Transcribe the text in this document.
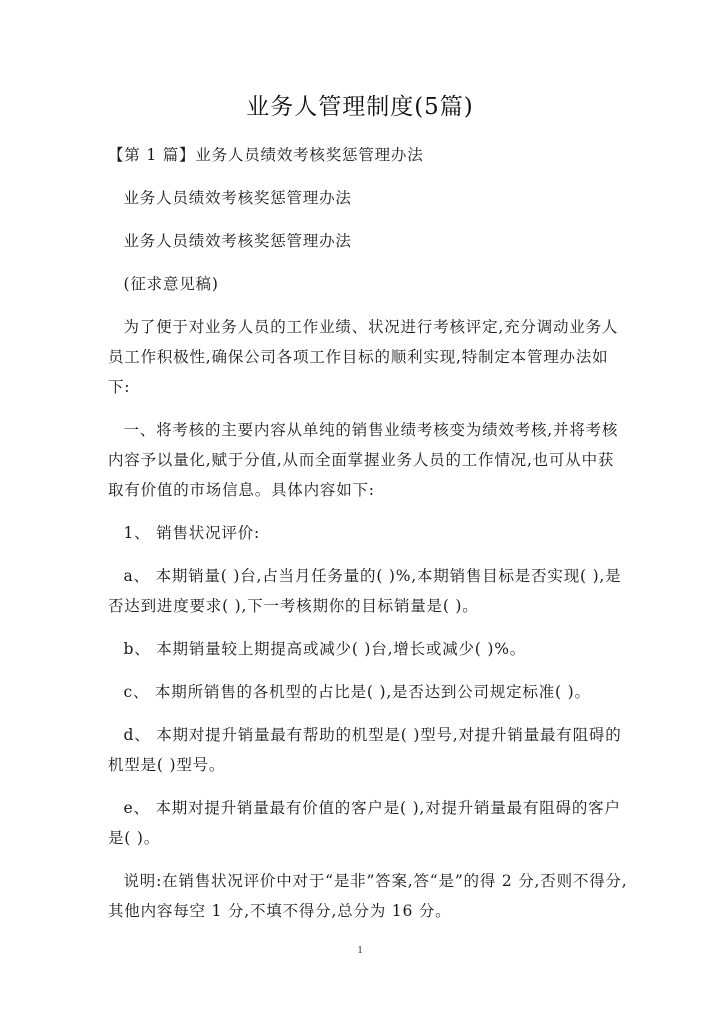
业务人管理制度(5篇)

【第 1 篇】业务人员绩效考核奖惩管理办法

业务人员绩效考核奖惩管理办法

业务人员绩效考核奖惩管理办法

(征求意见稿)

为了便于对业务人员的工作业绩、状况进行考核评定,充分调动业务人员工作积极性,确保公司各项工作目标的顺利实现,特制定本管理办法如下:

一、将考核的主要内容从单纯的销售业绩考核变为绩效考核,并将考核内容予以量化,赋于分值,从而全面掌握业务人员的工作情况,也可从中获取有价值的市场信息。具体内容如下:

1、 销售状况评价:

a、 本期销量( )台,占当月任务量的( )%,本期销售目标是否实现( ),是否达到进度要求( ),下一考核期你的目标销量是( )。

b、 本期销量较上期提高或减少( )台,增长或减少( )%。

c、 本期所销售的各机型的占比是( ),是否达到公司规定标准( )。

d、 本期对提升销量最有帮助的机型是( )型号,对提升销量最有阻碍的机型是( )型号。

e、 本期对提升销量最有价值的客户是( ),对提升销量最有阻碍的客户是( )。

说明:在销售状况评价中对于“是非”答案,答“是”的得 2 分,否则不得分,其他内容每空 1 分,不填不得分,总分为 16 分。

1
